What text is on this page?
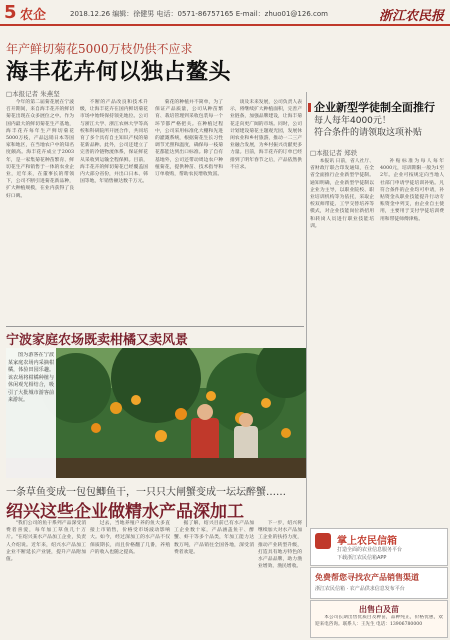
5 农企	2018.12.26 编辑：徐健男 电话：0571-86757165 E-mail：zhuo01@126.com	浙江农民报
年产鲜切菊花5000万枝仍供不应求
海丰花卉何以独占鳌头
□本报记者 朱燕坚

今年的第二届菊花展在宁波召开期间，来自海丰花卉的鲜切菊花出现在众多展位之中。作为国内最大的鲜切菊花生产基地，海丰花卉每年生产鲜切菊花5000万枝，产品远销日本等国家和地区，在当地农户中的知名度颇高。海丰花卉成立于2003年，是一家集菊花种苗繁育、鲜切花生产和销售于一体的农业企业，近年来，在董事长的带领下，公司不断引进菊花新品种，扩大种植规模，在业内获得了良好口碑。

不断的产品改良和技术升级，让海丰花卉在国内鲜切菊花市场中始终保持领先地位。公司与浙江大学、浙江农林大学等高校和科研院所开展合作，共同培育了多个具有自主知识产权的菊花新品种。此外，公司还建立了完善的冷链物流体系，保证鲜花从采收到运输全程保鲜。目前，海丰花卉的鲜切菊花已经覆盖国内大部分省份，并出口日本、韩国等地，年销售额达数千万元。

菊花的种植并不简单，为了保证产品质量，公司从种苗繁育、栽培管理到采收包装每一个环节都严格把关。在种植过程中，公司采用标准化大棚和先进的灌溉系统，根据菊花生长习性调节光照和温度，确保每一枝菊花都能达到出口标准。除了自有基地外，公司还带动周边农户种植菊花，提供种苗、技术指导和订单收购，帮助农民增收致富。

谈及未来发展，公司负责人表示，将继续扩大种植面积，完善产业链条，加强品牌建设，让海丰菊花走向更广阔的市场。同时，公司计划建设菊花主题观光园，发展休闲农业和乡村旅游，推动一二三产业融合发展，为乡村振兴贡献更多力量。目前，海丰花卉的订单已经排到了明年春节之后，产品依然供不应求。

企业新型学徒制全面推行
每人每年4000元！
符合条件的请领取这项补贴
□本报记者 郑轶

本报讯 日前，省人社厅、省财政厅联合印发通知，在全省全面推行企业新型学徒制。通知明确，企业新型学徒制以企业为主导，以职业院校、职业培训机构等为依托，采取企校双师带徒、工学交替培养等模式，对企业技能岗位新招用和转岗人员进行职业技能培训。

补贴标准为每人每年4000元，培训期限一般为1至2年。企业可按规定向当地人社部门申请学徒培训补贴。凡符合条件的企业均可申请，补贴资金从职业技能提升行动专账资金中列支，由企业自主使用，主要用于支付学徒培训费用和带徒师傅津贴。

宁波家庭农场既卖柑橘又卖风景

图为游客在宁波某家庭农场内采摘柑橘，体验田园乐趣。该农场将柑橘种植与休闲观光相结合，吸引了大批城市游客前来游玩。

一条草鱼变成一包包鲫鱼干，一只只大闸蟹变成一坛坛醉蟹……
绍兴这些企业做精水产品深加工

"我们公司的鱼干系列产品深受消费者喜爱，每年加工草鱼几十万斤。"在绍兴某水产品加工企业，负责人介绍说。近年来，绍兴水产品加工企业不断延长产业链，提升产品附加值。

过去，当地养殖户养的鱼大多直接上市销售，价格受市场波动影响大。如今，经过深加工的水产品不仅保质期长，而且价格翻了几番，养殖户的收入也随之提高。

据了解，绍兴目前已有水产品加工企业数十家，产品涵盖鱼干、醉蟹、虾干等多个品类，年加工能力达数万吨，产品销往全国各地，深受消费者欢迎。

下一步，绍兴将继续加大对水产品加工企业的扶持力度，推动产业转型升级，打造具有地方特色的水产品品牌，助力渔业增效、渔民增收。

掌上农民信箱
打造全面的农业信息服务平台
下载浙江农民信箱APP
免费帮您寻找农产品销售渠道
浙江农民信箱 · 农产品供求信息发布平台
出售白及苗

本公司长期出售优质白及种苗，品种纯正，价格优惠，欢迎来电咨询。联系人：王先生 电话：13906780000
